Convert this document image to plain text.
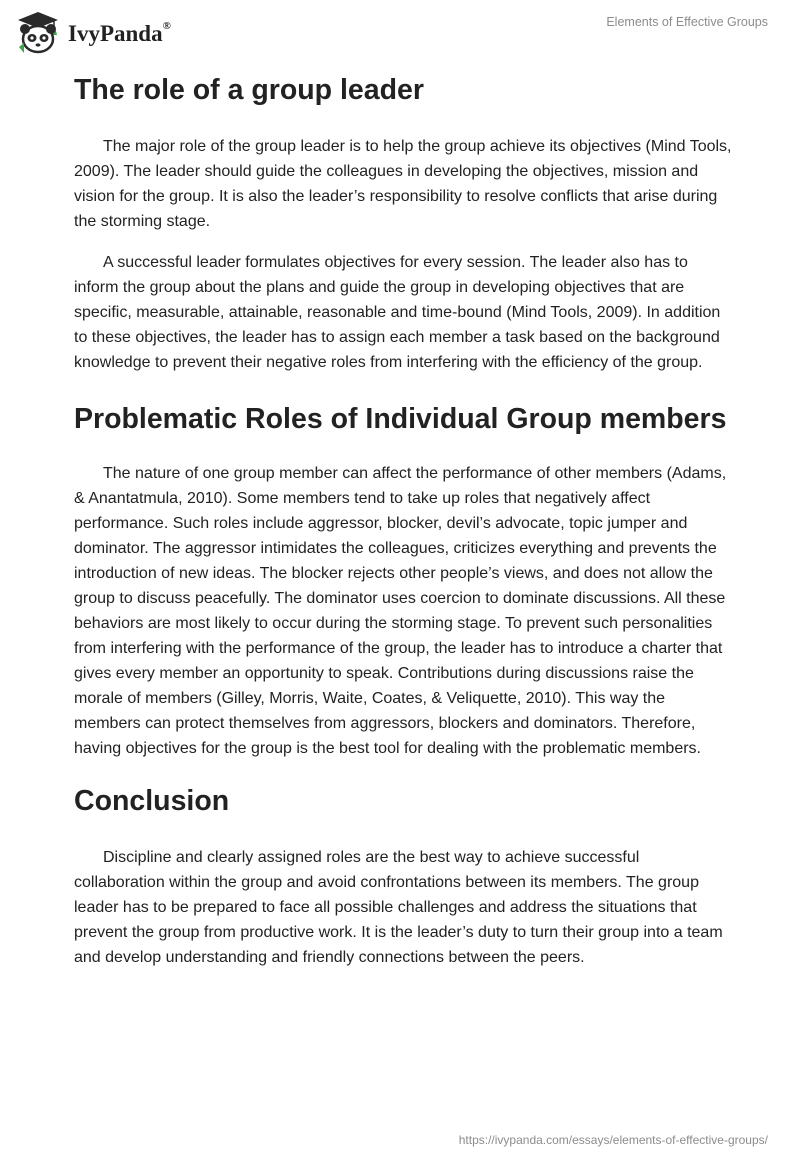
IvyPanda®	Elements of Effective Groups
The role of a group leader

The major role of the group leader is to help the group achieve its objectives (Mind Tools, 2009). The leader should guide the colleagues in developing the objectives, mission and vision for the group. It is also the leader’s responsibility to resolve conflicts that arise during the storming stage.

A successful leader formulates objectives for every session. The leader also has to inform the group about the plans and guide the group in developing objectives that are specific, measurable, attainable, reasonable and time-bound (Mind Tools, 2009). In addition to these objectives, the leader has to assign each member a task based on the background knowledge to prevent their negative roles from interfering with the efficiency of the group.

Problematic Roles of Individual Group members

The nature of one group member can affect the performance of other members (Adams, & Anantatmula, 2010). Some members tend to take up roles that negatively affect performance. Such roles include aggressor, blocker, devil’s advocate, topic jumper and dominator. The aggressor intimidates the colleagues, criticizes everything and prevents the introduction of new ideas. The blocker rejects other people’s views, and does not allow the group to discuss peacefully. The dominator uses coercion to dominate discussions. All these behaviors are most likely to occur during the storming stage. To prevent such personalities from interfering with the performance of the group, the leader has to introduce a charter that gives every member an opportunity to speak. Contributions during discussions raise the morale of members (Gilley, Morris, Waite, Coates, & Veliquette, 2010). This way the members can protect themselves from aggressors, blockers and dominators. Therefore, having objectives for the group is the best tool for dealing with the problematic members.

Conclusion

Discipline and clearly assigned roles are the best way to achieve successful collaboration within the group and avoid confrontations between its members. The group leader has to be prepared to face all possible challenges and address the situations that prevent the group from productive work. It is the leader’s duty to turn their group into a team and develop understanding and friendly connections between the peers.

https://ivypanda.com/essays/elements-of-effective-groups/
